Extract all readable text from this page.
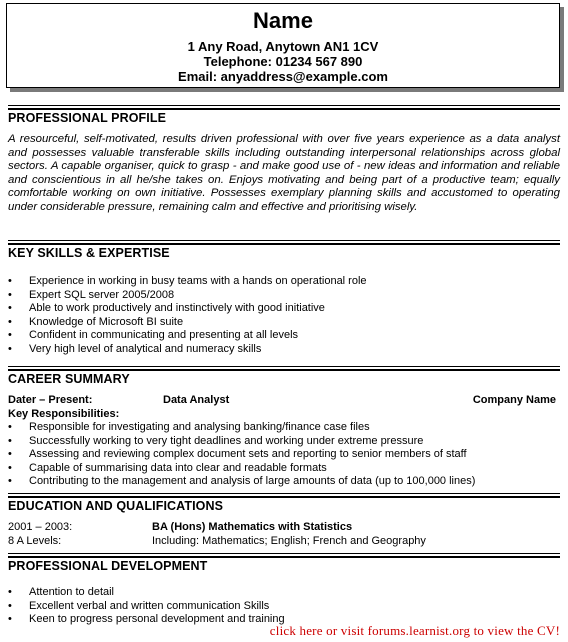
Name
1 Any Road, Anytown AN1 1CV
Telephone: 01234 567 890
Email: anyaddress@example.com
PROFESSIONAL PROFILE
A resourceful, self-motivated, results driven professional with over five years experience as a data analyst and possesses valuable transferable skills including outstanding interpersonal relationships across global sectors. A capable organiser, quick to grasp - and make good use of - new ideas and information and reliable and conscientious in all he/she takes on. Enjoys motivating and being part of a productive team; equally comfortable working on own initiative. Possesses exemplary planning skills and accustomed to operating under considerable pressure, remaining calm and effective and prioritising wisely.
KEY SKILLS & EXPERTISE
• Experience in working in busy teams with a hands on operational role
• Expert SQL server 2005/2008
• Able to work productively and instinctively with good initiative
• Knowledge of Microsoft BI suite
• Confident in communicating and presenting at all levels
• Very high level of analytical and numeracy skills
CAREER SUMMARY
Dater – Present:	Data Analyst	Company Name
Key Responsibilities:
• Responsible for investigating and analysing banking/finance case files
• Successfully working to very tight deadlines and working under extreme pressure
• Assessing and reviewing complex document sets and reporting to senior members of staff
• Capable of summarising data into clear and readable formats
• Contributing to the management and analysis of large amounts of data (up to 100,000 lines)
EDUCATION AND QUALIFICATIONS
2001 – 2003:	BA (Hons) Mathematics with Statistics
8 A Levels:	Including: Mathematics; English; French and Geography
PROFESSIONAL DEVELOPMENT
• Attention to detail
• Excellent verbal and written communication Skills
• Keen to progress personal development and training
click here or visit forums.learnist.org to view the CV!
